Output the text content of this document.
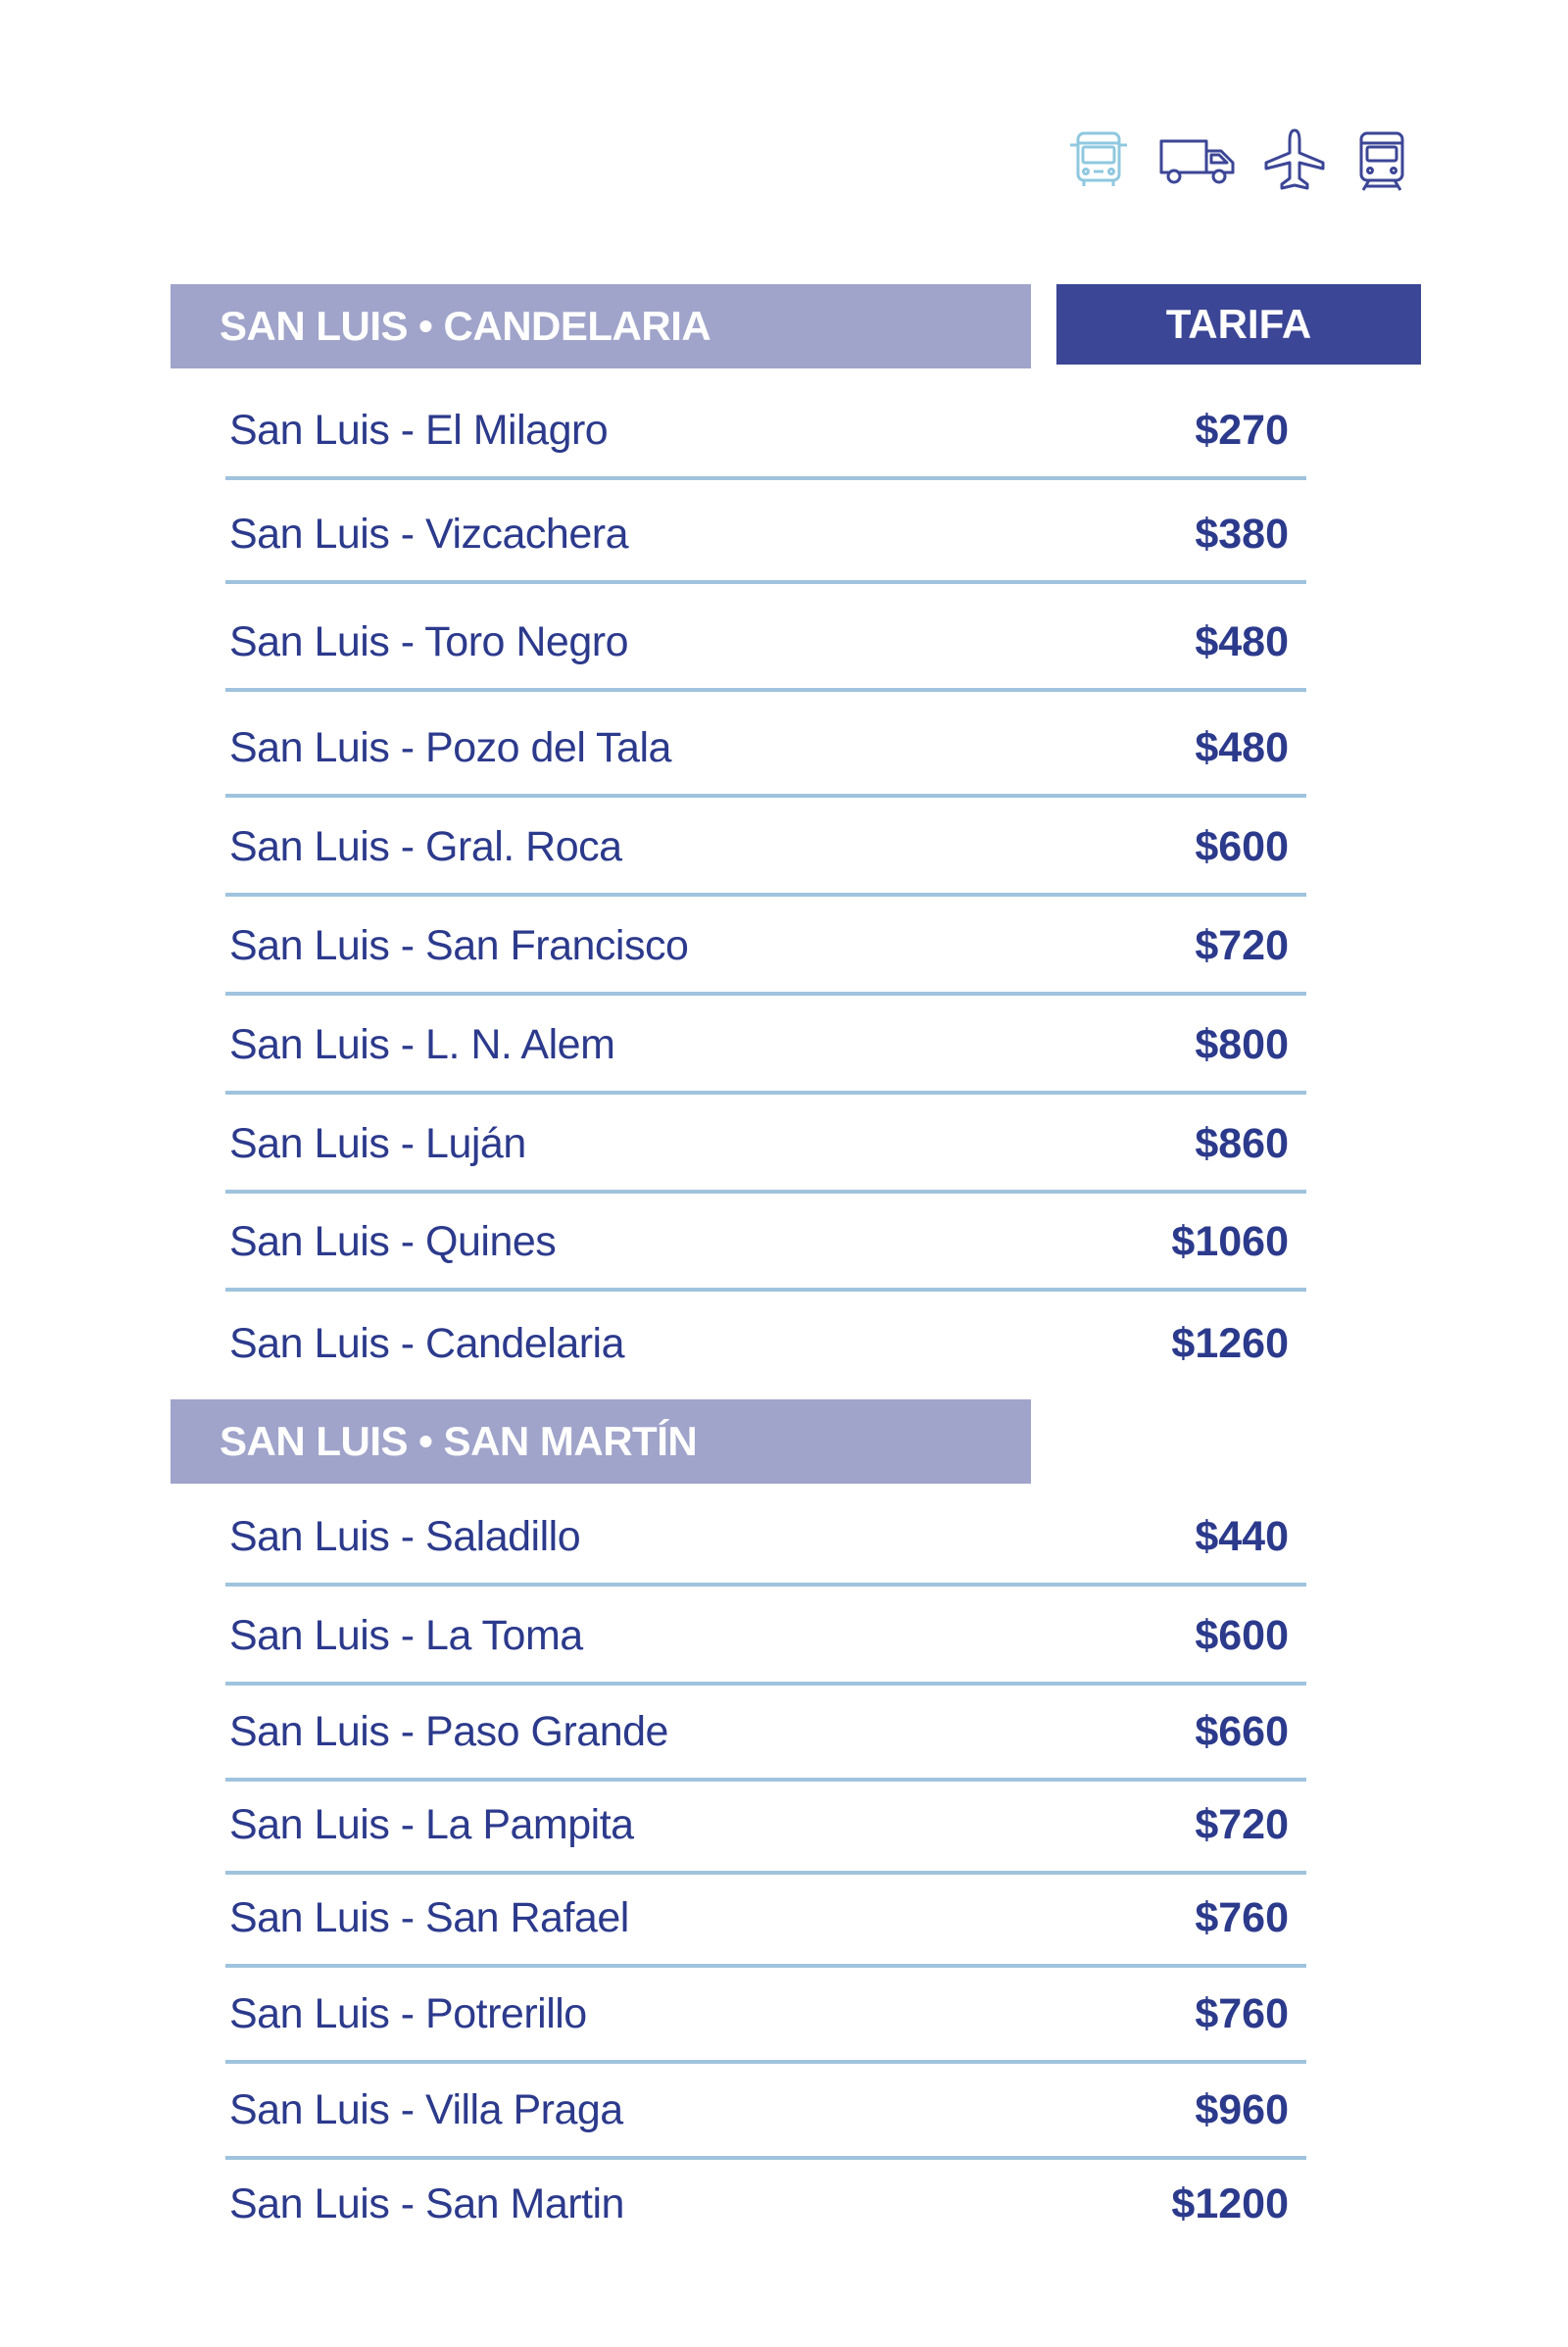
SAN LUIS • CANDELARIA	TARIFA
San Luis - El Milagro	$270
San Luis - Vizcachera	$380
San Luis - Toro Negro	$480
San Luis - Pozo del Tala	$480
San Luis - Gral. Roca	$600
San Luis - San Francisco	$720
San Luis - L. N. Alem	$800
San Luis - Luján	$860
San Luis - Quines	$1060
San Luis - Candelaria	$1260
SAN LUIS • SAN MARTÍN
San Luis - Saladillo	$440
San Luis - La Toma	$600
San Luis - Paso Grande	$660
San Luis - La Pampita	$720
San Luis - San Rafael	$760
San Luis - Potrerillo	$760
San Luis - Villa Praga	$960
San Luis - San Martin	$1200
